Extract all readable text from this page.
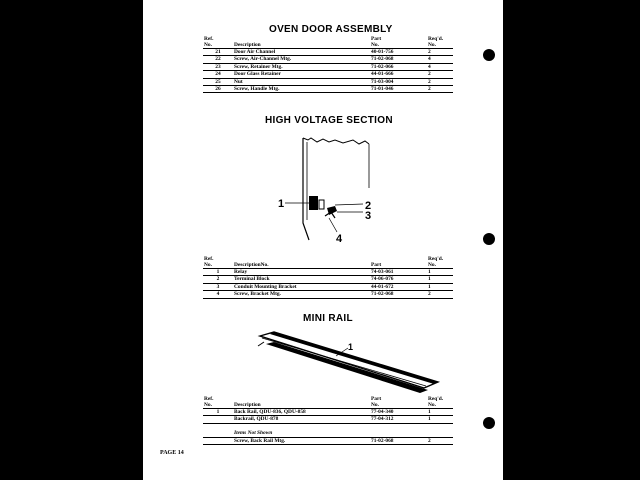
OVEN DOOR ASSEMBLY
Ref.
No.	Description	Part
No.	Req'd.
No.
21	Door Air Channel	40-01-756	2
22	Screw, Air-Channel Mtg.	71-02-068	4
23	Screw, Retainer Mtg.	71-02-066	4
24	Door Glass Retainer	44-01-666	2
25	Nut	71-03-004	2
26	Screw, Handle Mtg.	71-01-046	2
HIGH VOLTAGE SECTION
1	2
3
4
Ref.
No.	DescriptionNo.	Part	Req'd.
No.
1	Relay	74-03-061	1
2	Terminal Block	74-06-076	1
3	Conduit Mounting Bracket	44-01-672	1
4	Screw, Bracket Mtg.	71-02-068	2
MINI RAIL
1
Ref.
No.	Description	Part
No.	Req'd.
No.
1	Back Rail, QDU-836, QDU-858	77-04-340	1
	Backrail, QDU-878	77-04-312	1

	Items Not Shown		
	Screw, Back Rail Mtg.	71-02-068	2
PAGE 14
